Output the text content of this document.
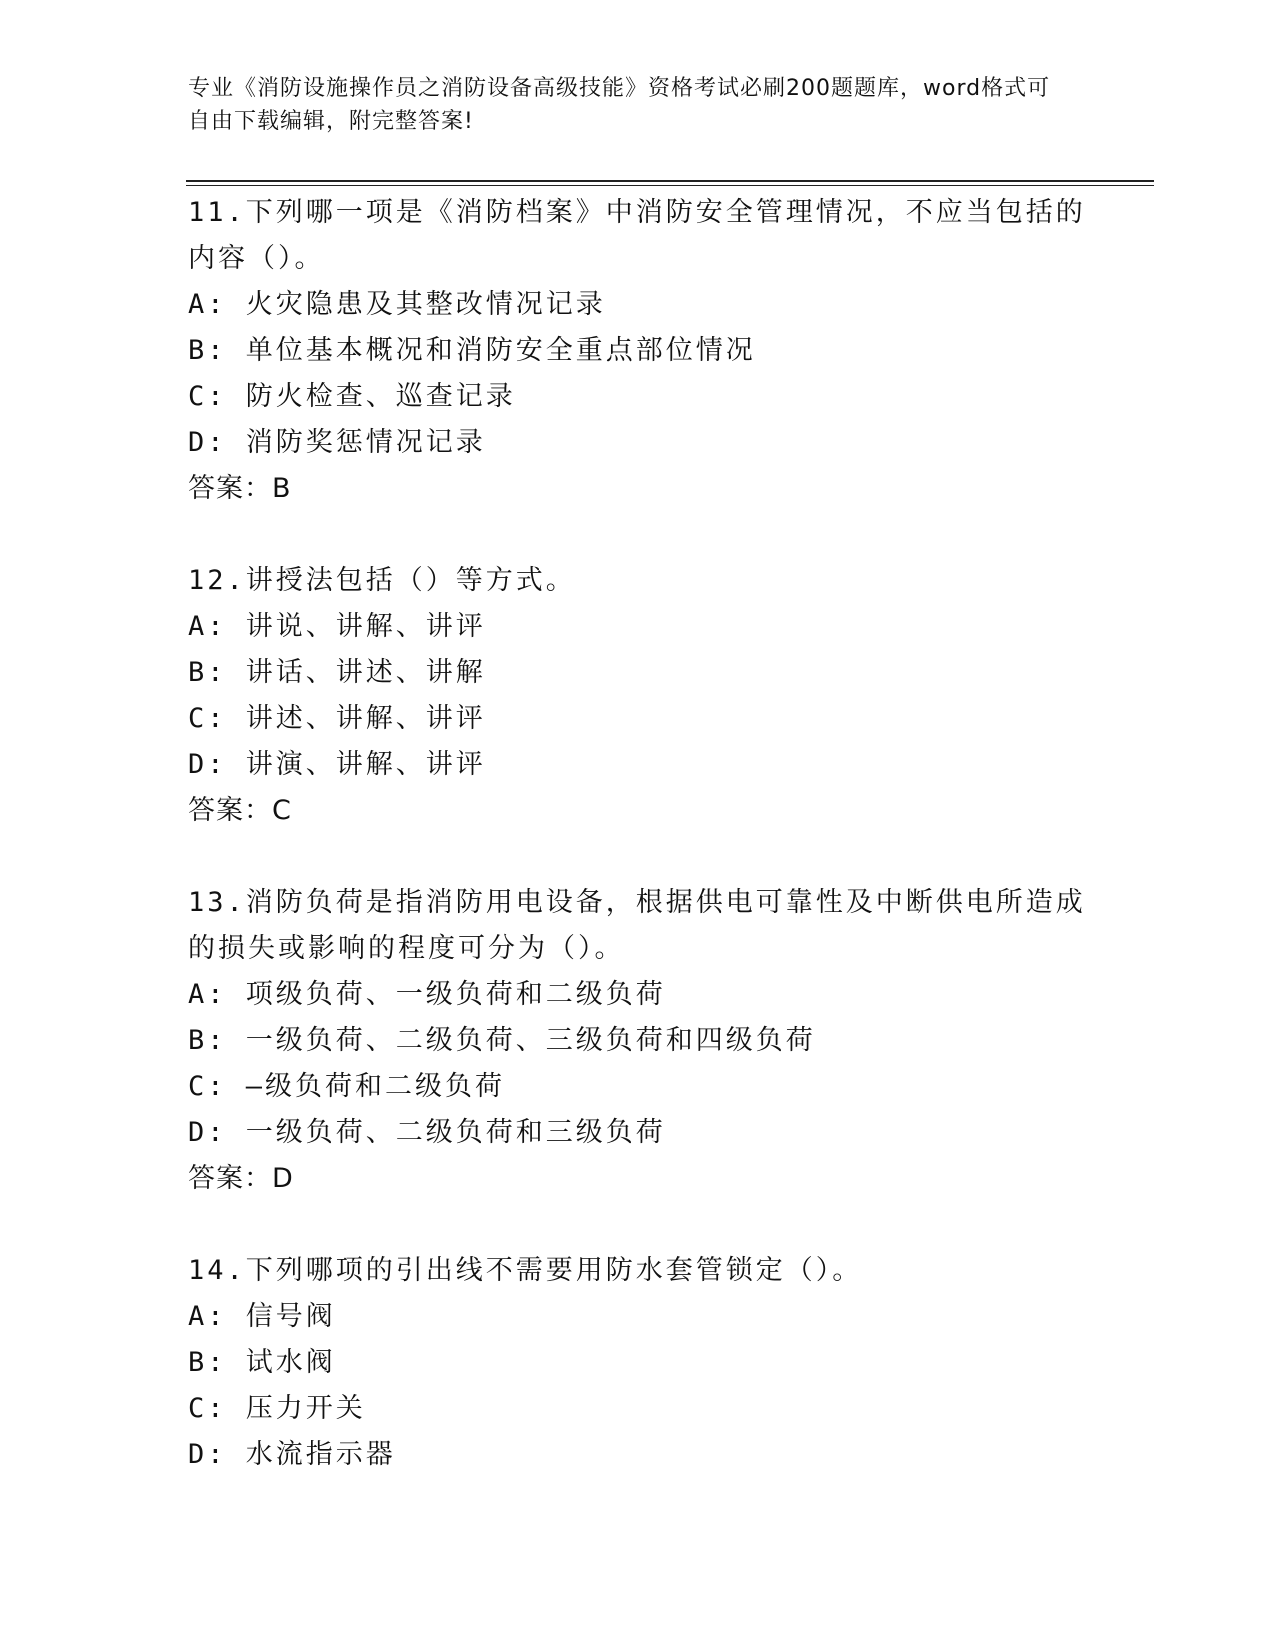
专业《消防设施操作员之消防设备高级技能》资格考试必刷200题题库，word格式可自由下载编辑，附完整答案!
11.下列哪一项是《消防档案》中消防安全管理情况，不应当包括的内容（）。
A: 火灾隐患及其整改情况记录
B: 单位基本概况和消防安全重点部位情况
C: 防火检查、巡查记录
D: 消防奖惩情况记录
答案：B
12.讲授法包括（）等方式。
A: 讲说、讲解、讲评
B: 讲话、讲述、讲解
C: 讲述、讲解、讲评
D: 讲演、讲解、讲评
答案：C
13.消防负荷是指消防用电设备，根据供电可靠性及中断供电所造成的损失或影响的程度可分为（）。
A: 项级负荷、一级负荷和二级负荷
B: 一级负荷、二级负荷、三级负荷和四级负荷
C: —级负荷和二级负荷
D: 一级负荷、二级负荷和三级负荷
答案：D
14.下列哪项的引出线不需要用防水套管锁定（）。
A: 信号阀
B: 试水阀
C: 压力开关
D: 水流指示器
